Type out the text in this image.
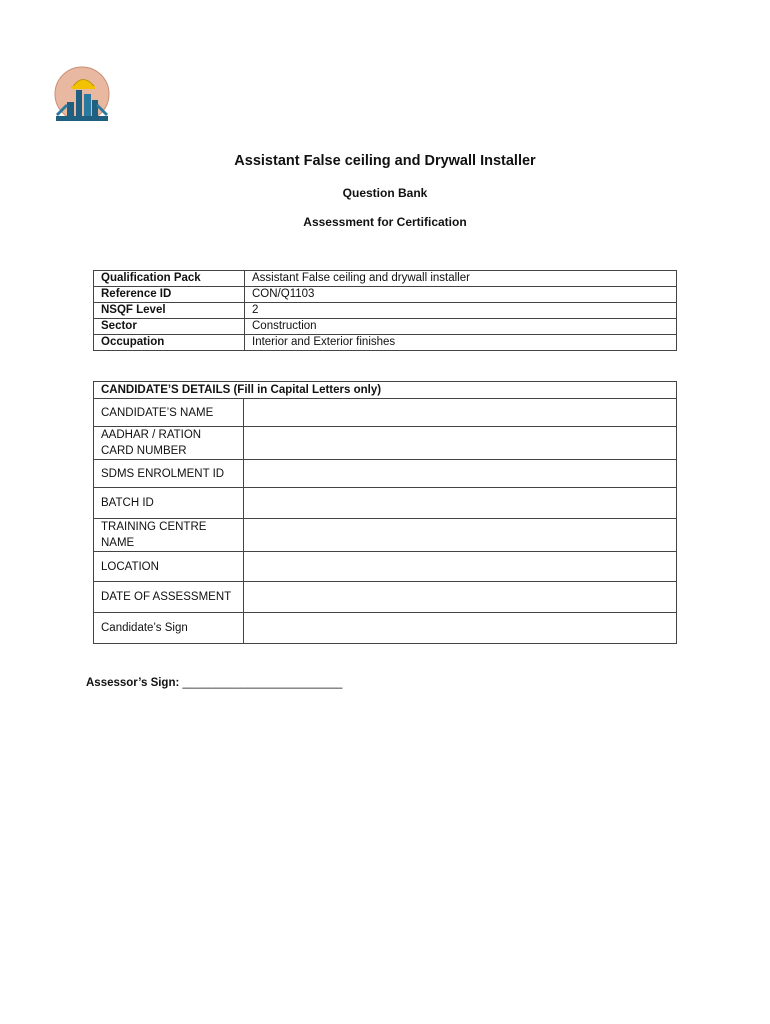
Assistant False ceiling and Drywall Installer
Question Bank
Assessment for Certification
Qualification Pack	Assistant False ceiling and drywall installer
Reference ID	CON/Q1103
NSQF Level	2
Sector	Construction
Occupation	Interior and Exterior finishes
CANDIDATE’S DETAILS (Fill in Capital Letters only)	
CANDIDATE’S NAME	
AADHAR / RATION CARD NUMBER	
SDMS ENROLMENT ID	
BATCH ID	
TRAINING CENTRE NAME	
LOCATION	
DATE OF ASSESSMENT	
Candidate’s Sign	
Assessor’s Sign: _________________________
